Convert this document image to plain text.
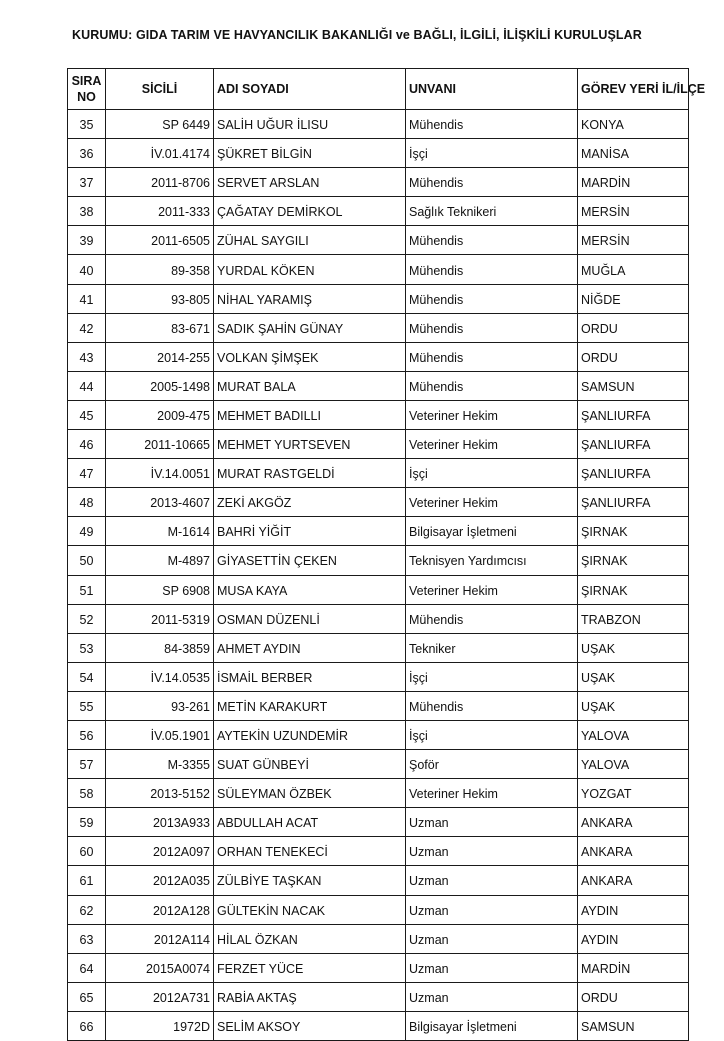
KURUMU: GIDA TARIM VE HAVYANCILIK BAKANLIĞI ve BAĞLI, İLGİLİ, İLİŞKİLİ KURULUŞLAR
SIRA
NO	SİCİLİ	ADI SOYADI	UNVANI	GÖREV YERİ İL/İLÇE
35	SP 6449	SALİH UĞUR İLISU	Mühendis	KONYA
36	İV.01.4174	ŞÜKRET BİLGİN	İşçi	MANİSA
37	2011-8706	SERVET ARSLAN	Mühendis	MARDİN
38	2011-333	ÇAĞATAY DEMİRKOL	Sağlık Teknikeri	MERSİN
39	2011-6505	ZÜHAL SAYGILI	Mühendis	MERSİN
40	89-358	YURDAL KÖKEN	Mühendis	MUĞLA
41	93-805	NİHAL YARAMIŞ	Mühendis	NİĞDE
42	83-671	SADIK ŞAHİN GÜNAY	Mühendis	ORDU
43	2014-255	VOLKAN ŞİMŞEK	Mühendis	ORDU
44	2005-1498	MURAT BALA	Mühendis	SAMSUN
45	2009-475	MEHMET BADILLI	Veteriner Hekim	ŞANLIURFA
46	2011-10665	MEHMET YURTSEVEN	Veteriner Hekim	ŞANLIURFA
47	İV.14.0051	MURAT RASTGELDİ	İşçi	ŞANLIURFA
48	2013-4607	ZEKİ AKGÖZ	Veteriner Hekim	ŞANLIURFA
49	M-1614	BAHRİ YİĞİT	Bilgisayar İşletmeni	ŞIRNAK
50	M-4897	GİYASETTİN ÇEKEN	Teknisyen Yardımcısı	ŞIRNAK
51	SP 6908	MUSA KAYA	Veteriner Hekim	ŞIRNAK
52	2011-5319	OSMAN DÜZENLİ	Mühendis	TRABZON
53	84-3859	AHMET AYDIN	Tekniker	UŞAK
54	İV.14.0535	İSMAİL BERBER	İşçi	UŞAK
55	93-261	METİN KARAKURT	Mühendis	UŞAK
56	İV.05.1901	AYTEKİN UZUNDEMİR	İşçi	YALOVA
57	M-3355	SUAT GÜNBEYİ	Şoför	YALOVA
58	2013-5152	SÜLEYMAN ÖZBEK	Veteriner Hekim	YOZGAT
59	2013A933	ABDULLAH ACAT	Uzman	ANKARA
60	2012A097	ORHAN TENEKECİ	Uzman	ANKARA
61	2012A035	ZÜLBİYE TAŞKAN	Uzman	ANKARA
62	2012A128	GÜLTEKİN NACAK	Uzman	AYDIN
63	2012A114	HİLAL ÖZKAN	Uzman	AYDIN
64	2015A0074	FERZET YÜCE	Uzman	MARDİN
65	2012A731	RABİA AKTAŞ	Uzman	ORDU
66	1972D	SELİM AKSOY	Bilgisayar İşletmeni	SAMSUN
